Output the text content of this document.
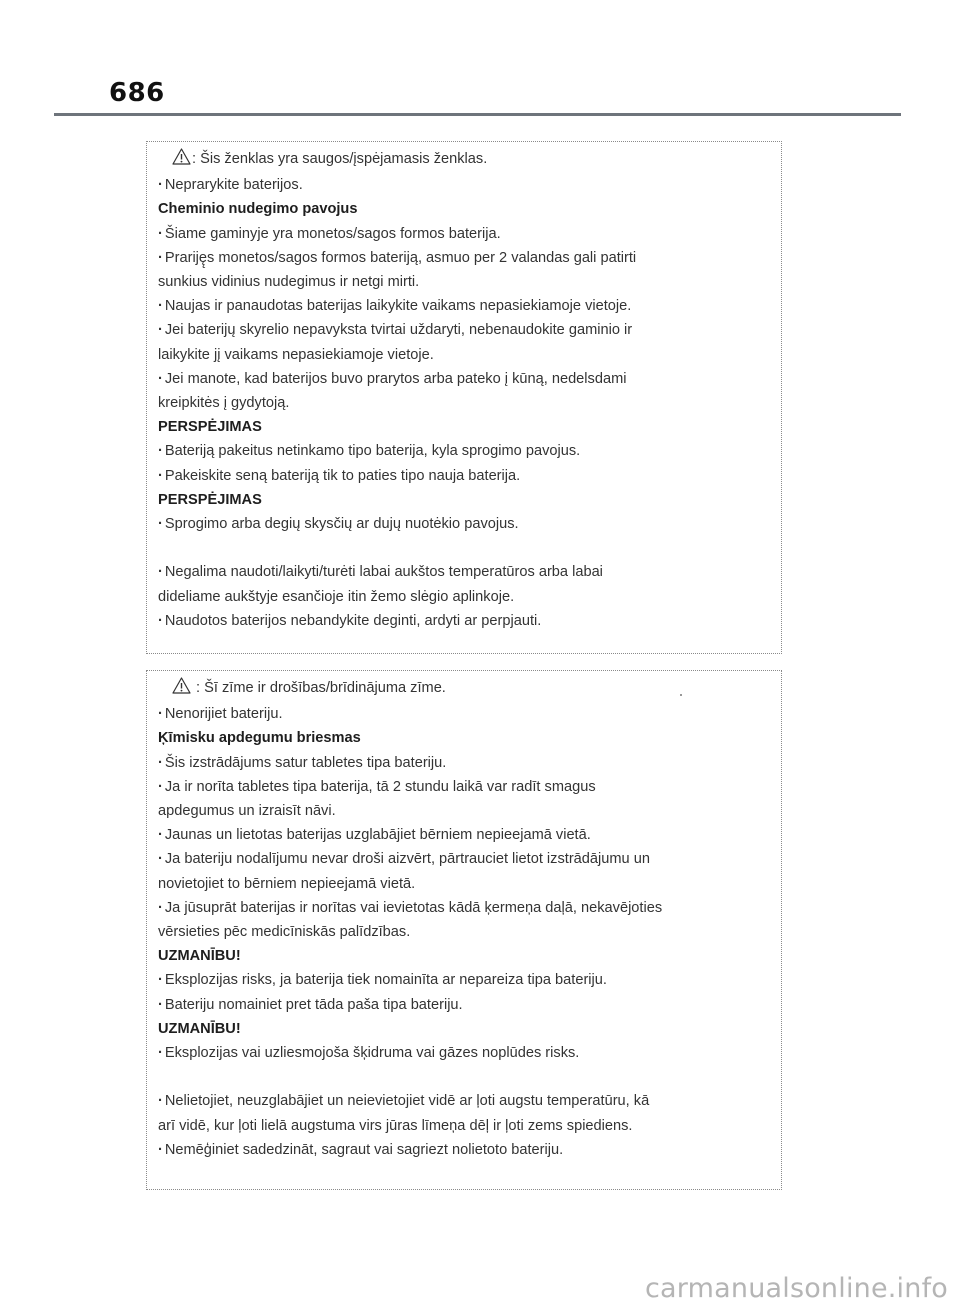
686
: Šis ženklas yra saugos/įspėjamasis ženklas.
· Neprarykite baterijos.
Cheminio nudegimo pavojus
· Šiame gaminyje yra monetos/sagos formos baterija.
· Prariję̨s monetos/sagos formos bateriją, asmuo per 2 valandas gali patirti
sunkius vidinius nudegimus ir netgi mirti.
· Naujas ir panaudotas baterijas laikykite vaikams nepasiekiamoje vietoje.
· Jei baterijų skyrelio nepavyksta tvirtai uždaryti, nebenaudokite gaminio ir
laikykite jį vaikams nepasiekiamoje vietoje.
· Jei manote, kad baterijos buvo prarytos arba pateko į kūną, nedelsdami
kreipkitės į gydytoją.
PERSPĖJIMAS
· Bateriją pakeitus netinkamo tipo baterija, kyla sprogimo pavojus.
· Pakeiskite seną bateriją tik to paties tipo nauja baterija.
PERSPĖJIMAS
· Sprogimo arba degių skysčių ar dujų nuotėkio pavojus.
· Negalima naudoti/laikyti/turėti labai aukštos temperatūros arba labai
dideliame aukštyje esančioje itin žemo slėgio aplinkoje.
· Naudotos baterijos nebandykite deginti, ardyti ar perpjauti.
: Šī zīme ir drošības/brīdinājuma zīme.
· Nenorijiet bateriju.
Ķīmisku apdegumu briesmas
· Šis izstrādājums satur tabletes tipa bateriju.
· Ja ir norīta tabletes tipa baterija, tā 2 stundu laikā var radīt smagus
apdegumus un izraisīt nāvi.
· Jaunas un lietotas baterijas uzglabājiet bērniem nepieejamā vietā.
· Ja bateriju nodalījumu nevar droši aizvērt, pārtrauciet lietot izstrādājumu un
novietojiet to bērniem nepieejamā vietā.
· Ja jūsuprāt baterijas ir norītas vai ievietotas kādā ķermeņa daļā, nekavējoties
vērsieties pēc medicīniskās palīdzības.
UZMANĪBU!
· Eksplozijas risks, ja baterija tiek nomainīta ar nepareiza tipa bateriju.
· Bateriju nomainiet pret tāda paša tipa bateriju.
UZMANĪBU!
· Eksplozijas vai uzliesmojoša šķidruma vai gāzes noplūdes risks.
· Nelietojiet, neuzglabājiet un neievietojiet vidē ar ļoti augstu temperatūru, kā
arī vidē, kur ļoti lielā augstuma virs jūras līmeņa dēļ ir ļoti zems spiediens.
· Nemēģiniet sadedzināt, sagraut vai sagriezt nolietoto bateriju.
carmanualsonline.info
